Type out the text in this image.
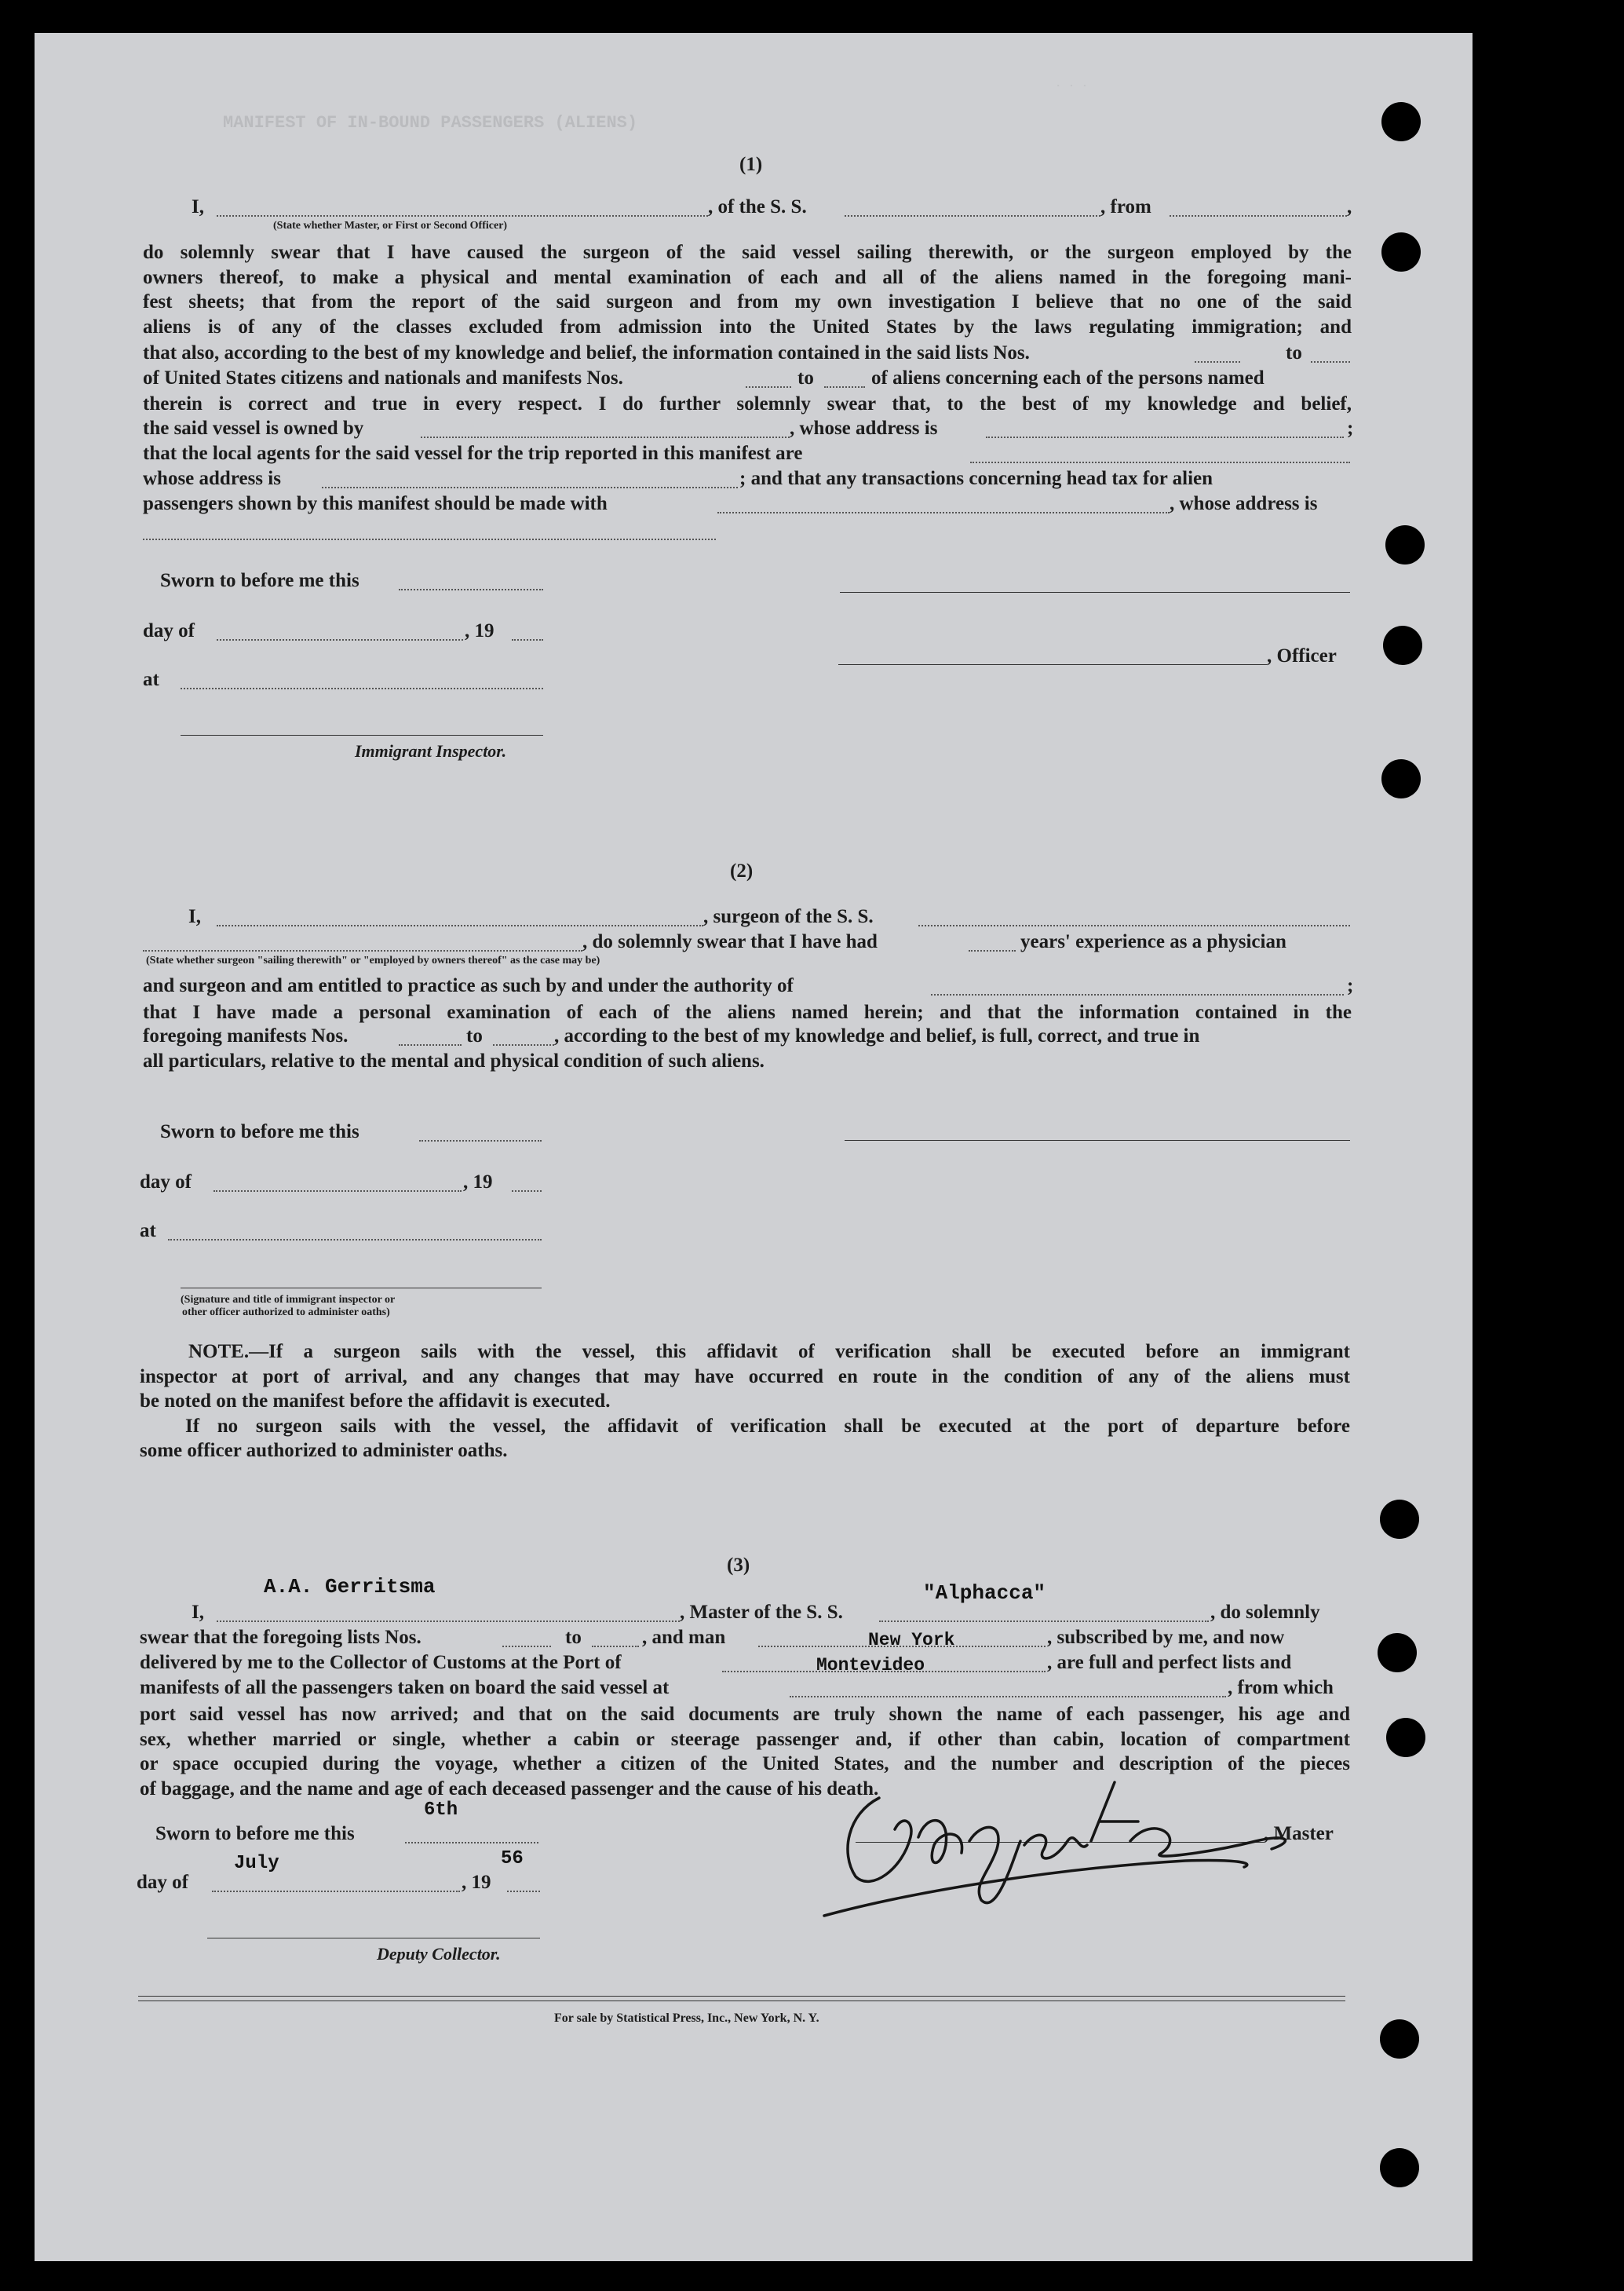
MANIFEST OF IN-BOUND PASSENGERS (ALIENS)
· · ·
(1)
I,	, of the S. S.	, from	,
(State whether Master, or First or Second Officer)
do solemnly swear that I have caused the surgeon of the said vessel sailing therewith, or the surgeon employed by the
owners thereof, to make a physical and mental examination of each and all of the aliens named in the foregoing mani-
fest sheets; that from the report of the said surgeon and from my own investigation I believe that no one of the said
aliens is of any of the classes excluded from admission into the United States by the laws regulating immigration; and
that also, according to the best of my knowledge and belief, the information contained in the said lists Nos.	to
of United States citizens and nationals and manifests Nos.	to	of aliens concerning each of the persons named
therein is correct and true in every respect. I do further solemnly swear that, to the best of my knowledge and belief,
the said vessel is owned by	, whose address is	;
that the local agents for the said vessel for the trip reported in this manifest are
whose address is	; and that any transactions concerning head tax for alien
passengers shown by this manifest should be made with	, whose address is
Sworn to before me this
day of	, 19
, Officer
at
Immigrant Inspector.
(2)
I,	, surgeon of the S. S.
, do solemnly swear that I have had	years' experience as a physician
(State whether surgeon "sailing therewith" or "employed by owners thereof" as the case may be)
and surgeon and am entitled to practice as such by and under the authority of	;
that I have made a personal examination of each of the aliens named herein; and that the information contained in the
foregoing manifests Nos.	to	, according to the best of my knowledge and belief, is full, correct, and true in
all particulars, relative to the mental and physical condition of such aliens.
Sworn to before me this
day of	, 19
at
(Signature and title of immigrant inspector or
other officer authorized to administer oaths)
NOTE.—If a surgeon sails with the vessel, this affidavit of verification shall be executed before an immigrant
inspector at port of arrival, and any changes that may have occurred en route in the condition of any of the aliens must
be noted on the manifest before the affidavit is executed.
If no surgeon sails with the vessel, the affidavit of verification shall be executed at the port of departure before
some officer authorized to administer oaths.
(3)
A.A. Gerritsma	"Alphacca"
I,	, Master of the S. S.	, do solemnly
swear that the foregoing lists Nos.	to	, and man	New York	, subscribed by me, and now
delivered by me to the Collector of Customs at the Port of	Montevideo	, are full and perfect lists and
manifests of all the passengers taken on board the said vessel at	, from which
port said vessel has now arrived; and that on the said documents are truly shown the name of each passenger, his age and
sex, whether married or single, whether a cabin or steerage passenger and, if other than cabin, location of compartment
or space occupied during the voyage, whether a citizen of the United States, and the number and description of the pieces
of baggage, and the name and age of each deceased passenger and the cause of his death.
6th
Sworn to before me this	, Master
July	56
day of	, 19
Deputy Collector.
For sale by Statistical Press, Inc., New York, N. Y.
